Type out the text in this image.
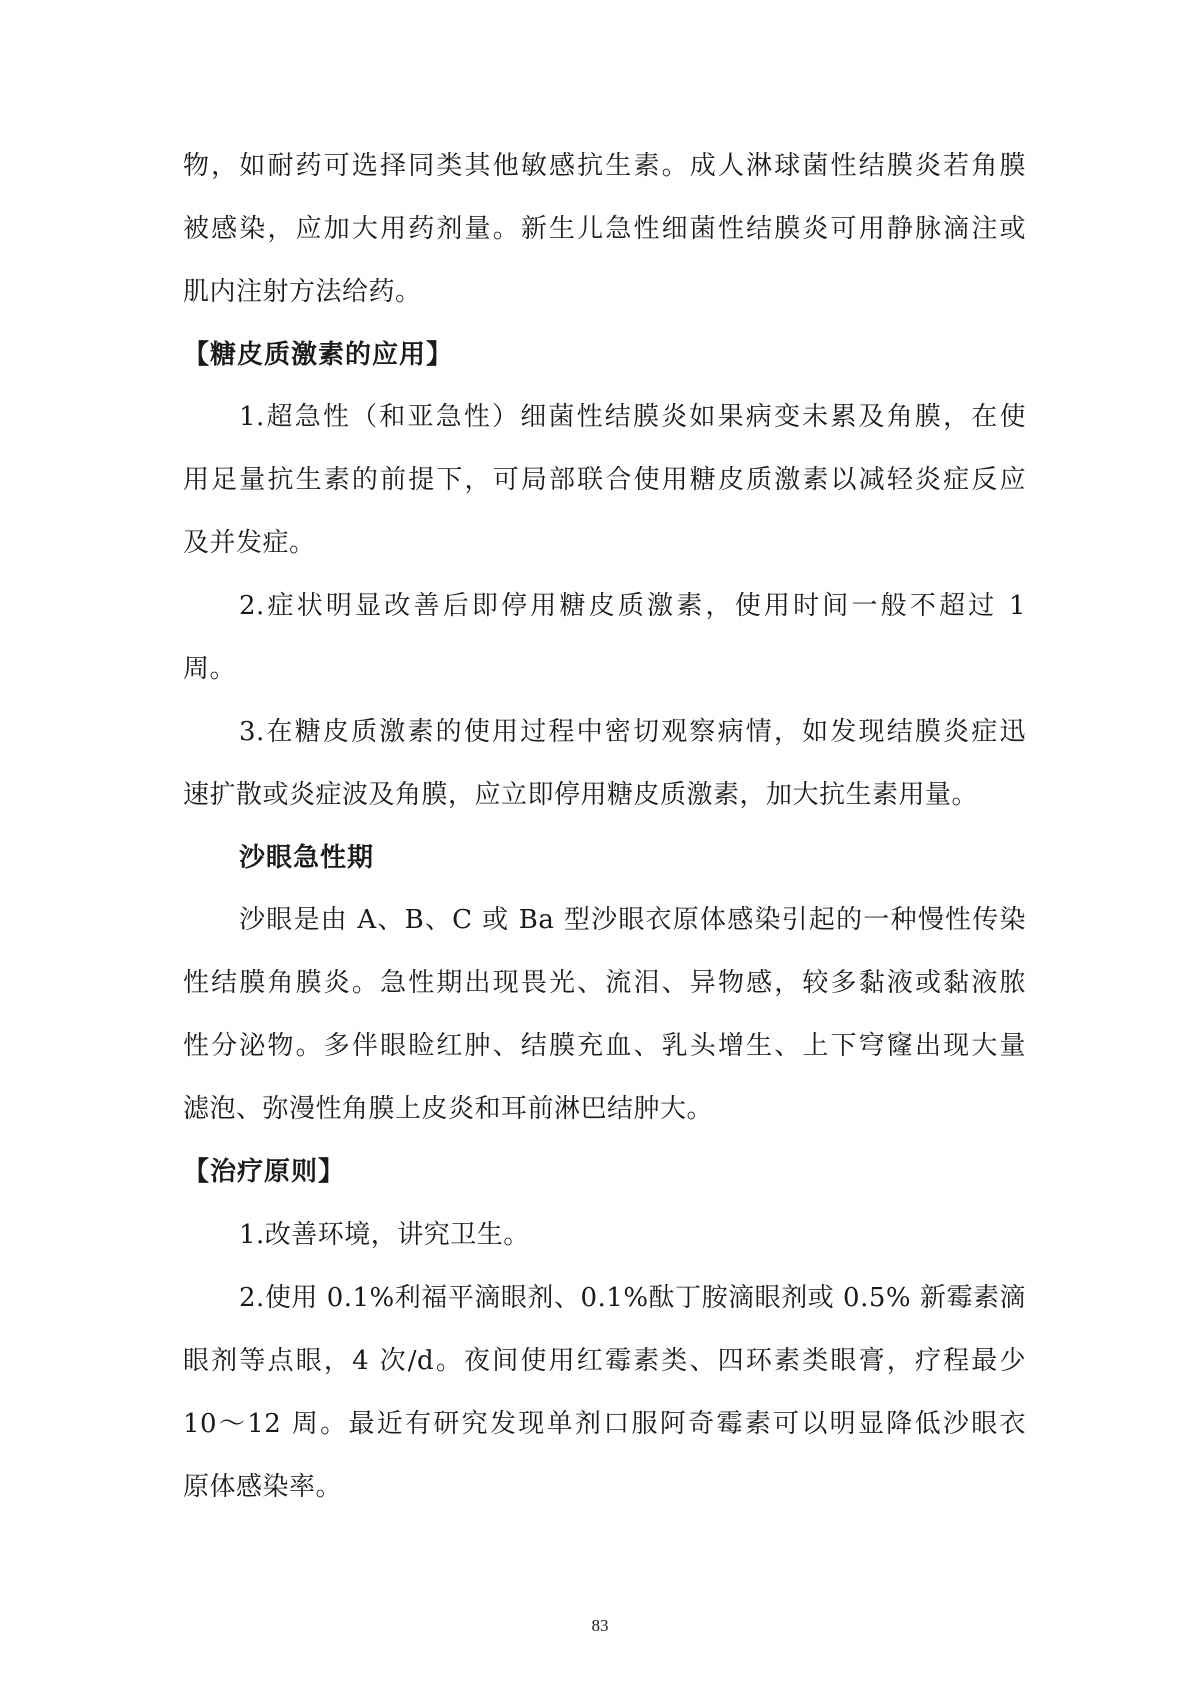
物，如耐药可选择同类其他敏感抗生素。成人淋球菌性结膜炎若角膜
被感染，应加大用药剂量。新生儿急性细菌性结膜炎可用静脉滴注或
肌内注射方法给药。
【糖皮质激素的应用】
1.超急性（和亚急性）细菌性结膜炎如果病变未累及角膜，在使
用足量抗生素的前提下，可局部联合使用糖皮质激素以减轻炎症反应
及并发症。
2.症状明显改善后即停用糖皮质激素，使用时间一般不超过 1
周。
3.在糖皮质激素的使用过程中密切观察病情，如发现结膜炎症迅
速扩散或炎症波及角膜，应立即停用糖皮质激素，加大抗生素用量。
沙眼急性期
沙眼是由 A、B、C 或 Ba 型沙眼衣原体感染引起的一种慢性传染
性结膜角膜炎。急性期出现畏光、流泪、异物感，较多黏液或黏液脓
性分泌物。多伴眼睑红肿、结膜充血、乳头增生、上下穹窿出现大量
滤泡、弥漫性角膜上皮炎和耳前淋巴结肿大。
【治疗原则】
1.改善环境，讲究卫生。
2.使用 0.1%利福平滴眼剂、0.1%酞丁胺滴眼剂或 0.5% 新霉素滴
眼剂等点眼，4 次/d。夜间使用红霉素类、四环素类眼膏，疗程最少
10～12 周。最近有研究发现单剂口服阿奇霉素可以明显降低沙眼衣
原体感染率。
83
